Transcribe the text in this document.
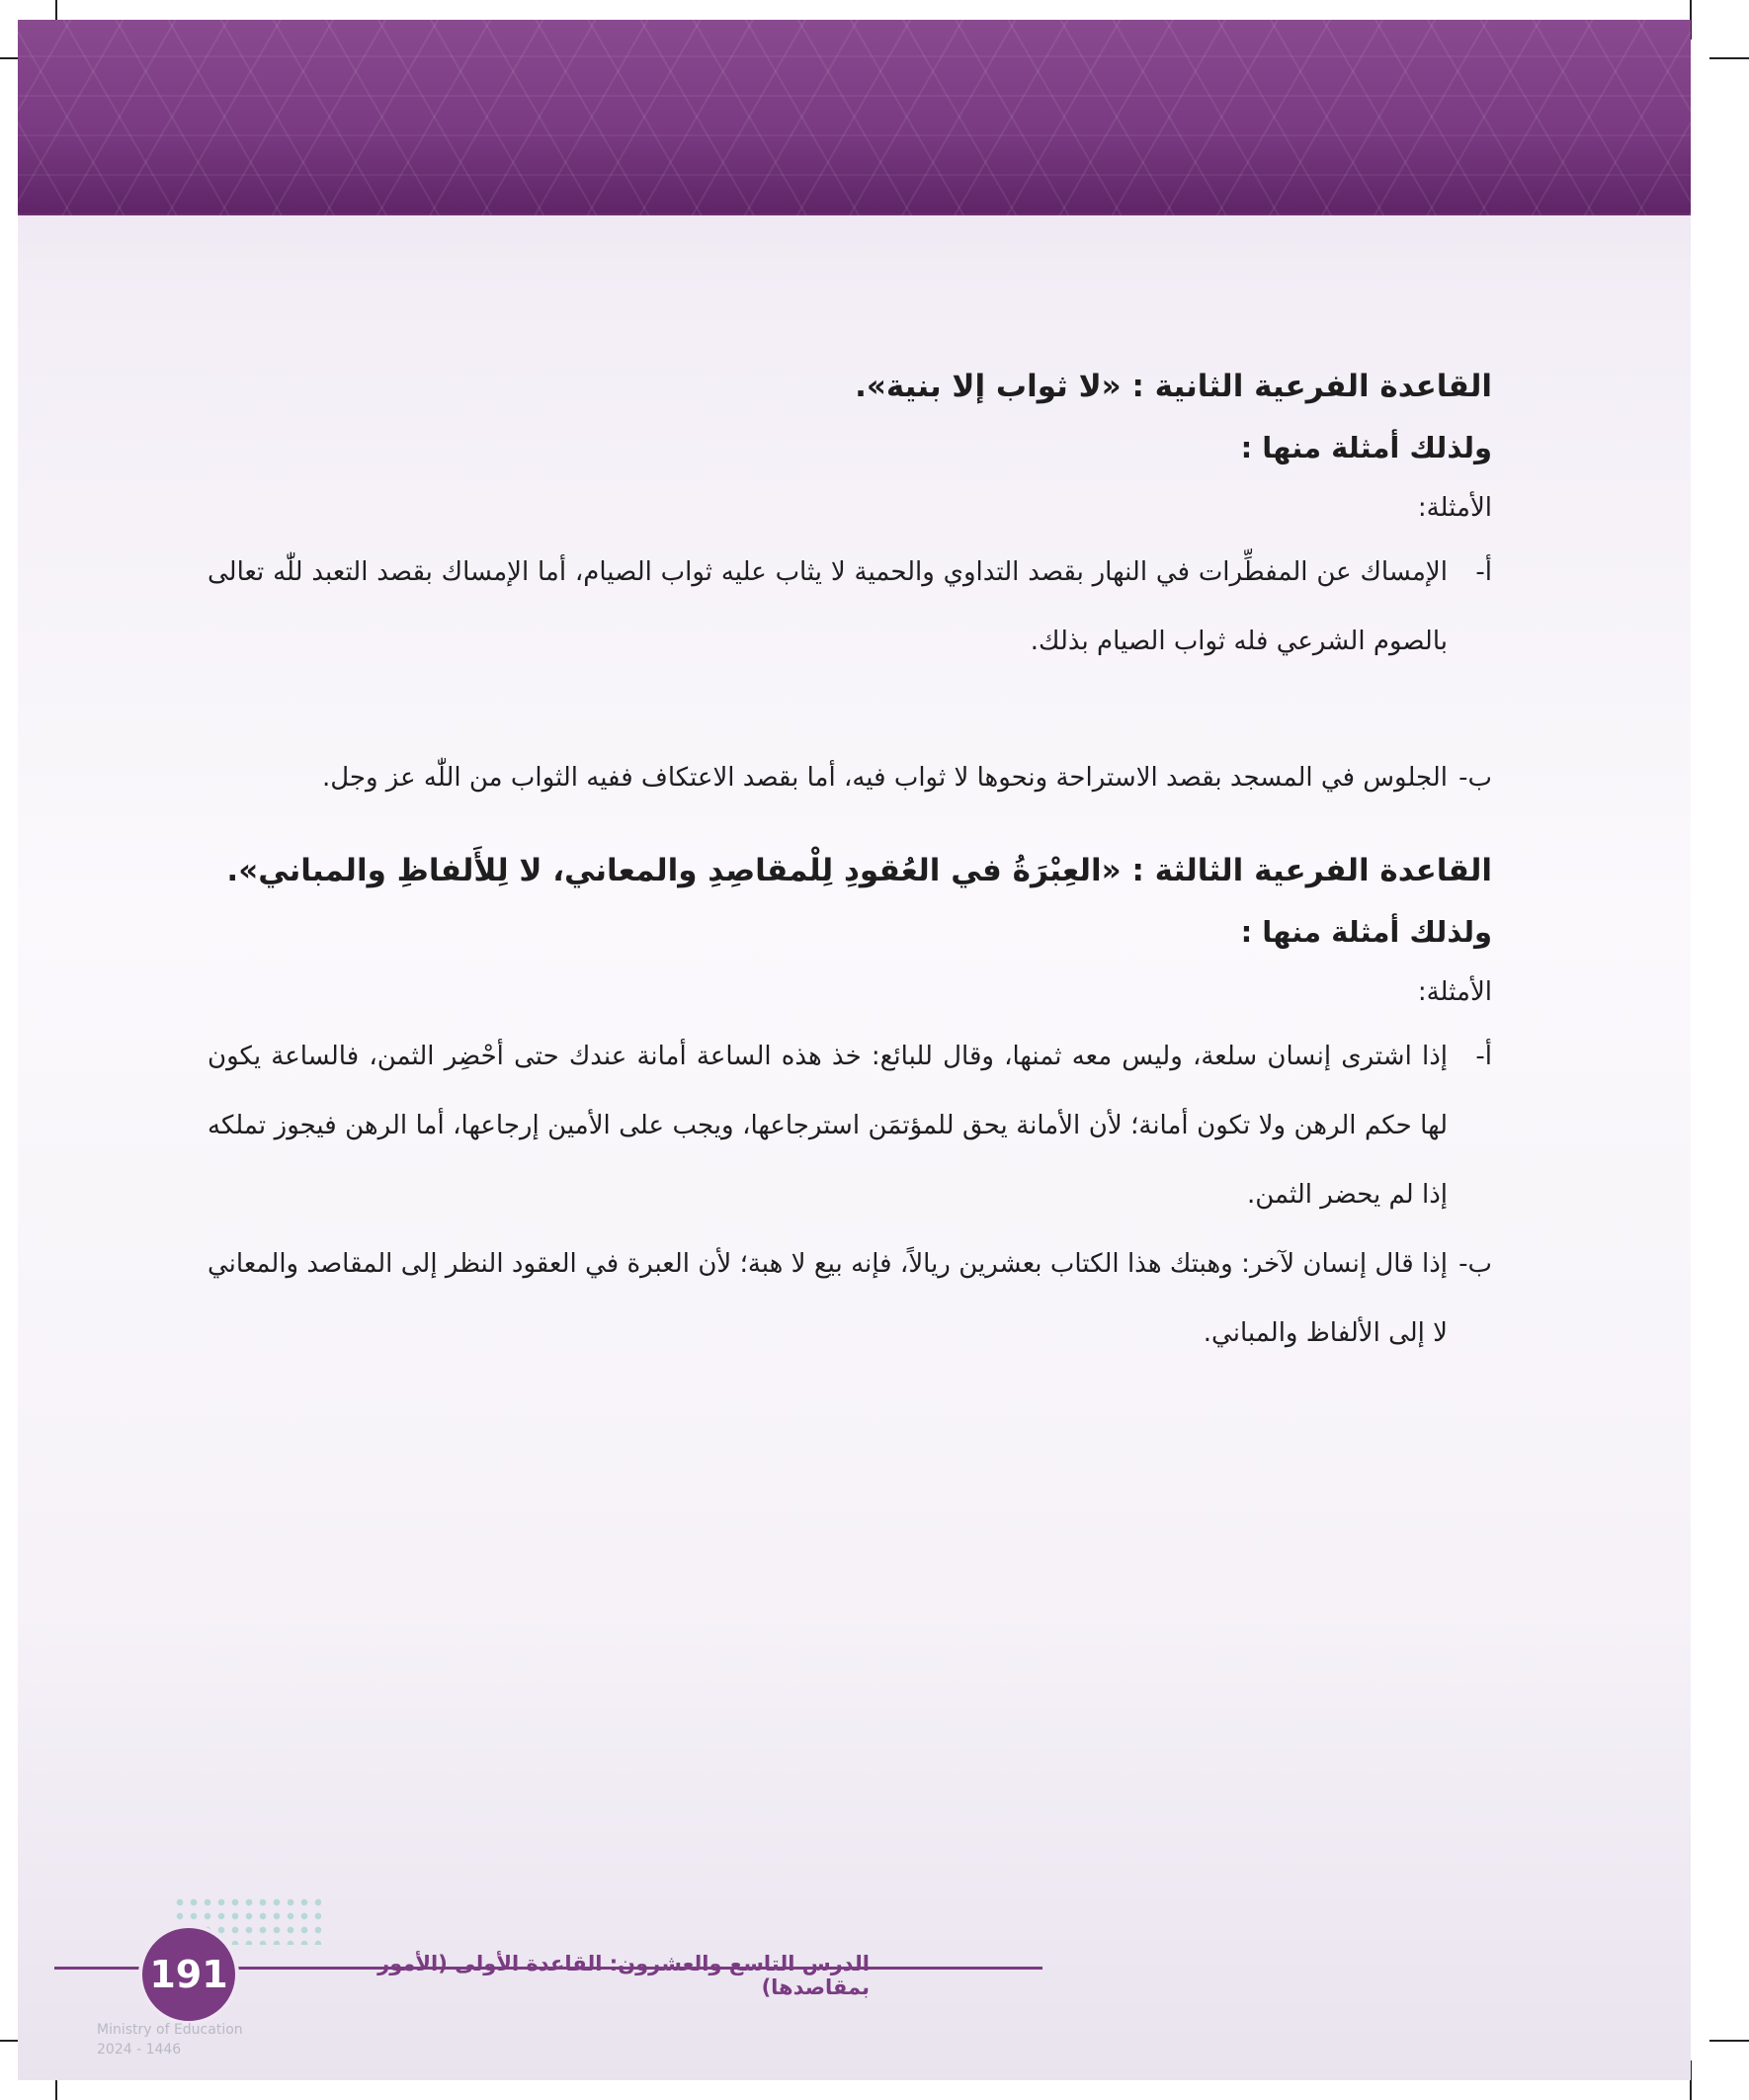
القاعدة الفرعية الثانية : «لا ثواب إلا بنية».
ولذلك أمثلة منها :
الأمثلة:
أ-
الإمساك عن المفطِّرات في النهار بقصد التداوي والحمية لا يثاب عليه ثواب الصيام، أما الإمساك بقصد التعبد للّٰه تعالى بالصوم الشرعي فله ثواب الصيام بذلك.
ب-
الجلوس في المسجد بقصد الاستراحة ونحوها لا ثواب فيه، أما بقصد الاعتكاف ففيه الثواب من اللّٰه عز وجل.
القاعدة الفرعية الثالثة : «العِبْرَةُ في العُقودِ لِلْمقاصِدِ والمعاني، لا لِلأَلفاظِ والمباني».
ولذلك أمثلة منها :
الأمثلة:
أ-
إذا اشترى إنسان سلعة، وليس معه ثمنها، وقال للبائع: خذ هذه الساعة أمانة عندك حتى أحْضِر الثمن، فالساعة يكون لها حكم الرهن ولا تكون أمانة؛ لأن الأمانة يحق للمؤتمَن استرجاعها، ويجب على الأمين إرجاعها، أما الرهن فيجوز تملكه إذا لم يحضر الثمن.
ب-
إذا قال إنسان لآخر: وهبتك هذا الكتاب بعشرين ريالاً، فإنه بيع لا هبة؛ لأن العبرة في العقود النظر إلى المقاصد والمعاني لا إلى الألفاظ والمباني.
191	الدرس التاسع والعشرون: القاعدة الأولى (الأمور بمقاصدها)
Ministry of Education
2024 - 1446
